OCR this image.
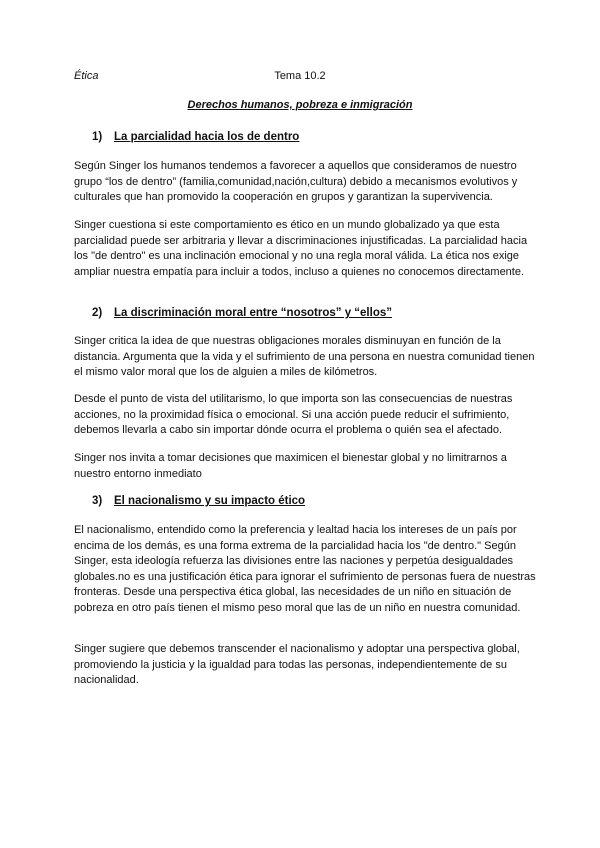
Ética	Tema 10.2
Derechos humanos, pobreza e inmigración
1) La parcialidad hacia los de dentro

Según Singer los humanos tendemos a favorecer a aquellos que consideramos de nuestro grupo “los de dentro” (familia,comunidad,nación,cultura) debido a mecanismos evolutivos y culturales que han promovido la cooperación en grupos y garantizan la supervivencia.

Singer cuestiona si este comportamiento es ético en un mundo globalizado ya que esta parcialidad puede ser arbitraria y llevar a discriminaciones injustificadas. La parcialidad hacia los "de dentro" es una inclinación emocional y no una regla moral válida. La ética nos exige ampliar nuestra empatía para incluir a todos, incluso a quienes no conocemos directamente.

2) La discriminación moral entre “nosotros” y “ellos”

Singer critica la idea de que nuestras obligaciones morales disminuyan en función de la distancia. Argumenta que la vida y el sufrimiento de una persona en nuestra comunidad tienen el mismo valor moral que los de alguien a miles de kilómetros.

Desde el punto de vista del utilitarismo, lo que importa son las consecuencias de nuestras acciones, no la proximidad física o emocional. Si una acción puede reducir el sufrimiento, debemos llevarla a cabo sin importar dónde ocurra el problema o quién sea el afectado.

Singer nos invita a tomar decisiones que maximicen el bienestar global y no limitrarnos a nuestro entorno inmediato

3) El nacionalismo y su impacto ético

El nacionalismo, entendido como la preferencia y lealtad hacia los intereses de un país por encima de los demás, es una forma extrema de la parcialidad hacia los "de dentro." Según Singer, esta ideología refuerza las divisiones entre las naciones y perpetúa desigualdades globales.no es una justificación ética para ignorar el sufrimiento de personas fuera de nuestras fronteras. Desde una perspectiva ética global, las necesidades de un niño en situación de pobreza en otro país tienen el mismo peso moral que las de un niño en nuestra comunidad.

Singer sugiere que debemos transcender el nacionalismo y adoptar una perspectiva global, promoviendo la justicia y la igualdad para todas las personas, independientemente de su nacionalidad.
